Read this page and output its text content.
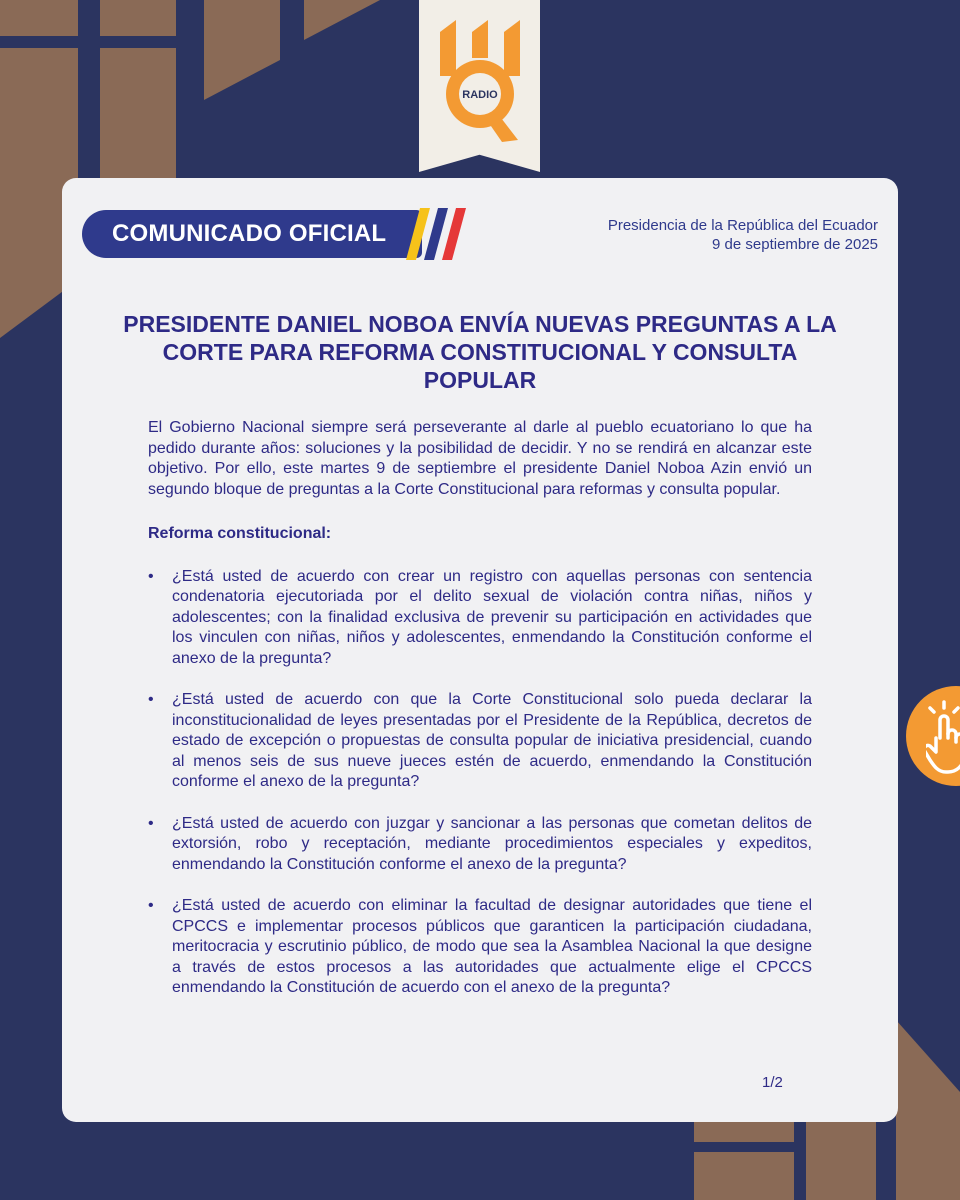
RADIO
COMUNICADO OFICIAL	Presidencia de la República del Ecuador
9 de septiembre de 2025
PRESIDENTE DANIEL NOBOA ENVÍA NUEVAS PREGUNTAS A LA CORTE PARA REFORMA CONSTITUCIONAL Y CONSULTA POPULAR

El Gobierno Nacional siempre será perseverante al darle al pueblo ecuatoriano lo que ha pedido durante años: soluciones y la posibilidad de decidir. Y no se rendirá en alcanzar este objetivo. Por ello, este martes 9 de septiembre el presidente Daniel Noboa Azin envió un segundo bloque de preguntas a la Corte Constitucional para reformas y consulta popular.

Reforma constitucional:

• ¿Está usted de acuerdo con crear un registro con aquellas personas con sentencia condenatoria ejecutoriada por el delito sexual de violación contra niñas, niños y adolescentes; con la finalidad exclusiva de prevenir su participación en actividades que los vinculen con niñas, niños y adolescentes, enmendando la Constitución conforme el anexo de la pregunta?
• ¿Está usted de acuerdo con que la Corte Constitucional solo pueda declarar la inconstitucionalidad de leyes presentadas por el Presidente de la República, decretos de estado de excepción o propuestas de consulta popular de iniciativa presidencial, cuando al menos seis de sus nueve jueces estén de acuerdo, enmendando la Constitución conforme el anexo de la pregunta?
• ¿Está usted de acuerdo con juzgar y sancionar a las personas que cometan delitos de extorsión, robo y receptación, mediante procedimientos especiales y expeditos, enmendando la Constitución conforme el anexo de la pregunta?
• ¿Está usted de acuerdo con eliminar la facultad de designar autoridades que tiene el CPCCS e implementar procesos públicos que garanticen la participación ciudadana, meritocracia y escrutinio público, de modo que sea la Asamblea Nacional la que designe a través de estos procesos a las autoridades que actualmente elige el CPCCS enmendando la Constitución de acuerdo con el anexo de la pregunta?
1/2
